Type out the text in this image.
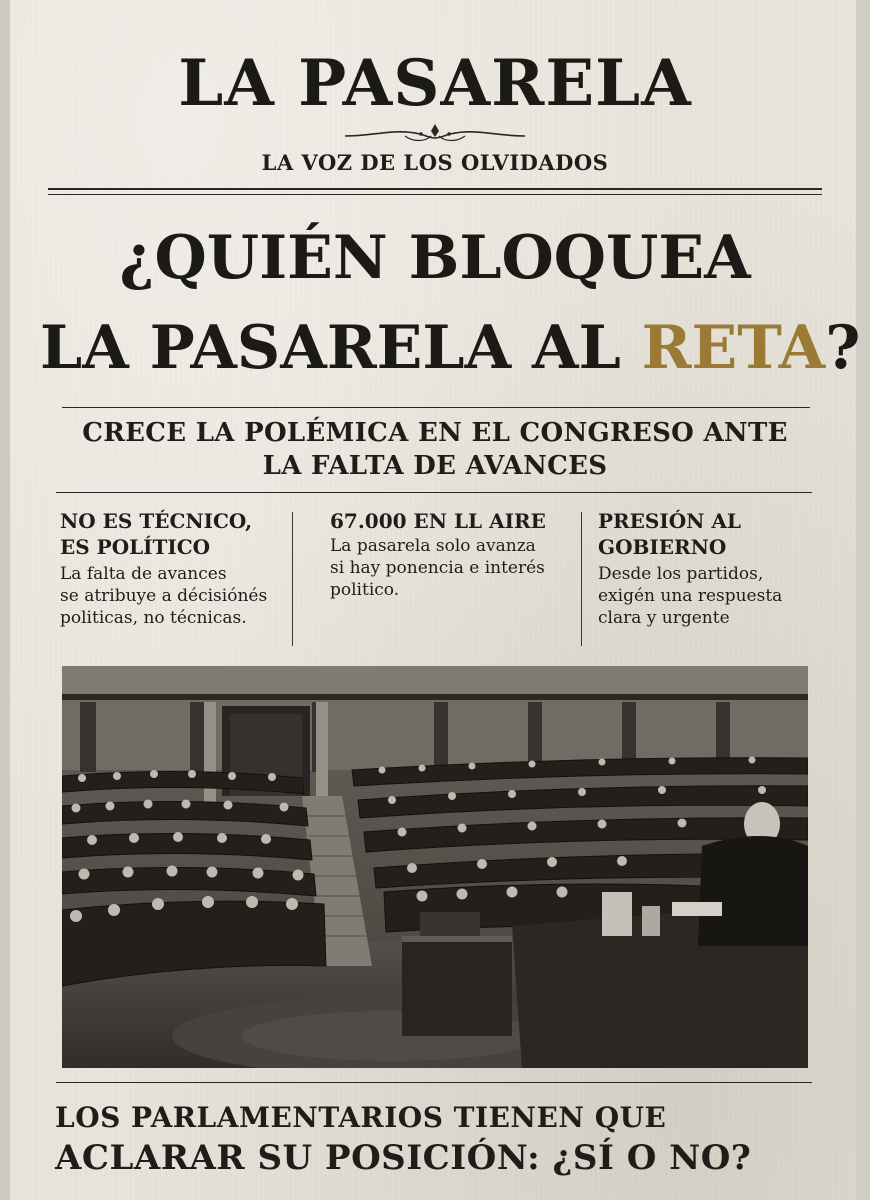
LA PASARELA
LA VOZ DE LOS OLVIDADOS
¿QUIÉN BLOQUEA
LA PASARELA AL RETA?
CRECE LA POLÉMICA EN EL CONGRESO ANTE
LA FALTA DE AVANCES
NO ES TÉCNICO,
ES POLÍTICO
La falta de avances
se atribuye a décisiónés
politicas, no técnicas.
67.000 EN LL AIRE
La pasarela solo avanza
si hay ponencia e interés
politico.
PRESIÓN AL
GOBIERNO
Desde los partidos,
exigén una respuesta
clara y urgente
LOS PARLAMENTARIOS TIENEN QUE
ACLARAR SU POSICIÓN: ¿SÍ O NO?
